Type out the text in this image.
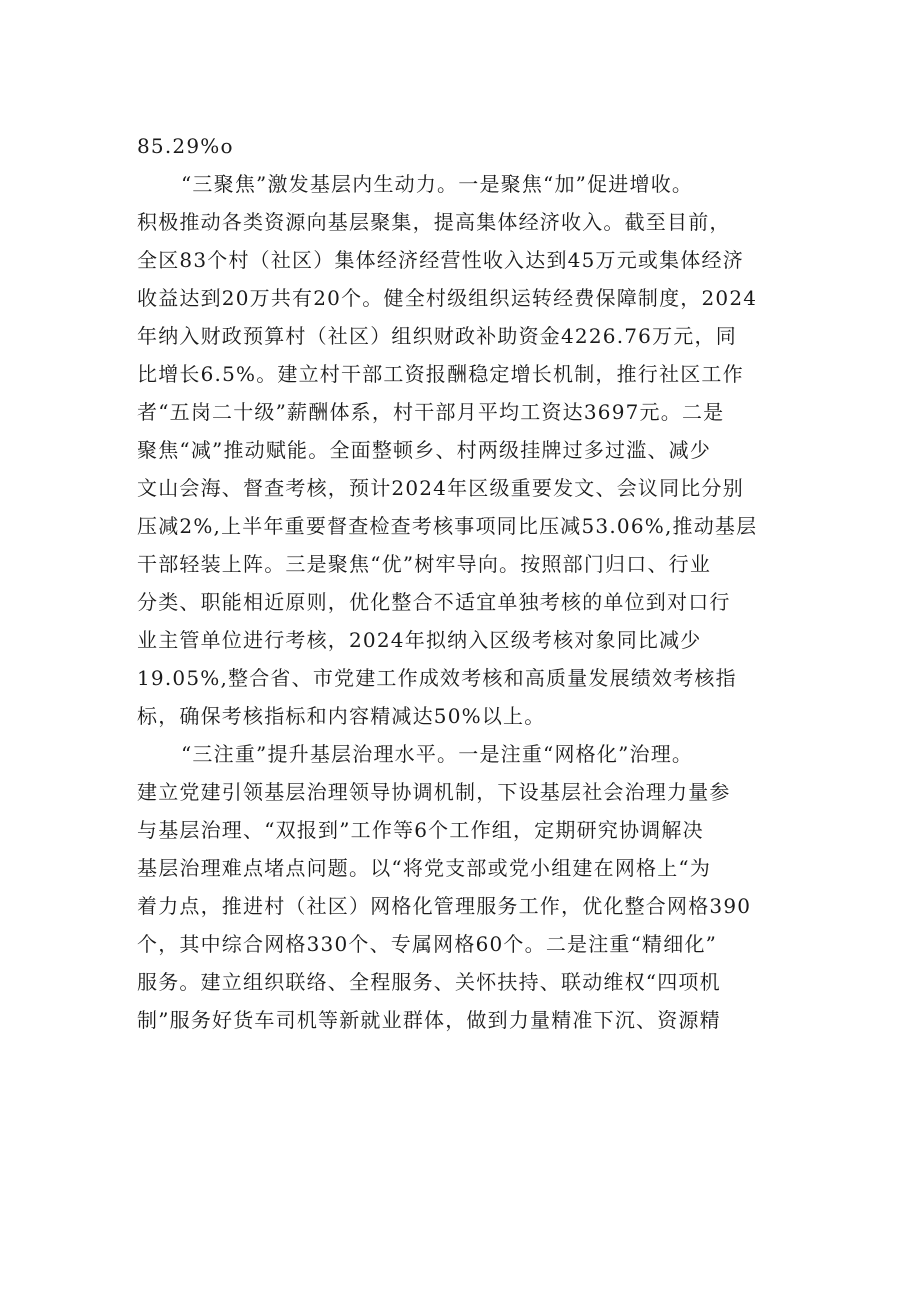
85.29%o
“三聚焦”激发基层内生动力。一是聚焦“加”促进增收。
积极推动各类资源向基层聚集，提高集体经济收入。截至目前，
全区83个村（社区）集体经济经营性收入达到45万元或集体经济
收益达到20万共有20个。健全村级组织运转经费保障制度，2024
年纳入财政预算村（社区）组织财政补助资金4226.76万元，同
比增长6.5%。建立村干部工资报酬稳定增长机制，推行社区工作
者“五岗二十级”薪酬体系，村干部月平均工资达3697元。二是
聚焦“减”推动赋能。全面整顿乡、村两级挂牌过多过滥、减少
文山会海、督查考核，预计2024年区级重要发文、会议同比分别
压减2%,上半年重要督查检查考核事项同比压减53.06%,推动基层
干部轻装上阵。三是聚焦“优”树牢导向。按照部门归口、行业
分类、职能相近原则，优化整合不适宜单独考核的单位到对口行
业主管单位进行考核，2024年拟纳入区级考核对象同比减少
19.05%,整合省、市党建工作成效考核和高质量发展绩效考核指
标，确保考核指标和内容精减达50%以上。
“三注重”提升基层治理水平。一是注重“网格化”治理。
建立党建引领基层治理领导协调机制，下设基层社会治理力量参
与基层治理、“双报到”工作等6个工作组，定期研究协调解决
基层治理难点堵点问题。以“将党支部或党小组建在网格上“为
着力点，推进村（社区）网格化管理服务工作，优化整合网格390
个，其中综合网格330个、专属网格60个。二是注重“精细化”
服务。建立组织联络、全程服务、关怀扶持、联动维权“四项机
制”服务好货车司机等新就业群体，做到力量精准下沉、资源精
